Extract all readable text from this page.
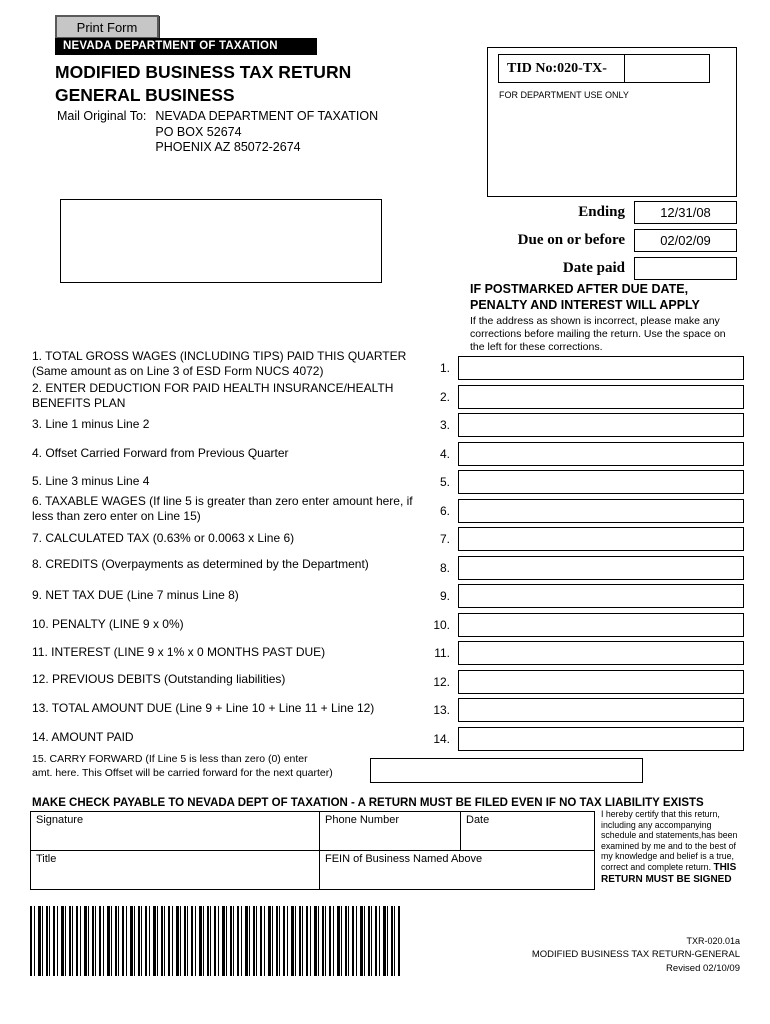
Print Form
NEVADA DEPARTMENT OF TAXATION
MODIFIED BUSINESS TAX RETURN
GENERAL BUSINESS
Mail Original To: NEVADA DEPARTMENT OF TAXATION
PO BOX 52674
PHOENIX AZ 85072-2674
TID No:020-TX-
FOR DEPARTMENT USE ONLY
Ending	12/31/08
Due on or before	02/02/09
Date paid
IF POSTMARKED AFTER DUE DATE,
PENALTY AND INTEREST WILL APPLY
If the address as shown is incorrect, please make any corrections before mailing the return. Use the space on the left for these corrections.
1. TOTAL GROSS WAGES (INCLUDING TIPS) PAID THIS QUARTER (Same amount as on Line 3 of ESD Form NUCS 4072)	1.
2. ENTER DEDUCTION FOR PAID HEALTH INSURANCE/HEALTH BENEFITS PLAN	2.
3. Line 1 minus Line 2	3.
4. Offset Carried Forward from Previous Quarter	4.
5. Line 3 minus Line 4	5.
6. TAXABLE WAGES (If line 5 is greater than zero enter amount here, if less than zero enter on Line 15)	6.
7. CALCULATED TAX (0.63% or 0.0063 x Line 6)	7.
8. CREDITS (Overpayments as determined by the Department)	8.
9. NET TAX DUE (Line 7 minus Line 8)	9.
10. PENALTY (LINE 9 x 0%)	10.
11. INTEREST (LINE 9 x 1% x 0 MONTHS PAST DUE)	11.
12. PREVIOUS DEBITS (Outstanding liabilities)	12.
13. TOTAL AMOUNT DUE (Line 9 + Line 10 + Line 11 + Line 12)	13.
14. AMOUNT PAID	14.
15. CARRY FORWARD (If Line 5 is less than zero (0) enter
amt. here. This Offset will be carried forward for the next quarter)
MAKE CHECK PAYABLE TO NEVADA DEPT OF TAXATION - A RETURN MUST BE FILED EVEN IF NO TAX LIABILITY EXISTS
Signature	Phone Number	Date
Title	FEIN of Business Named Above
I hereby certify that this return, including any accompanying schedule and statements,has been examined by me and to the best of my knowledge and belief is a true, correct and complete return. THIS RETURN MUST BE SIGNED
TXR-020.01a
MODIFIED BUSINESS TAX RETURN-GENERAL
Revised 02/10/09
